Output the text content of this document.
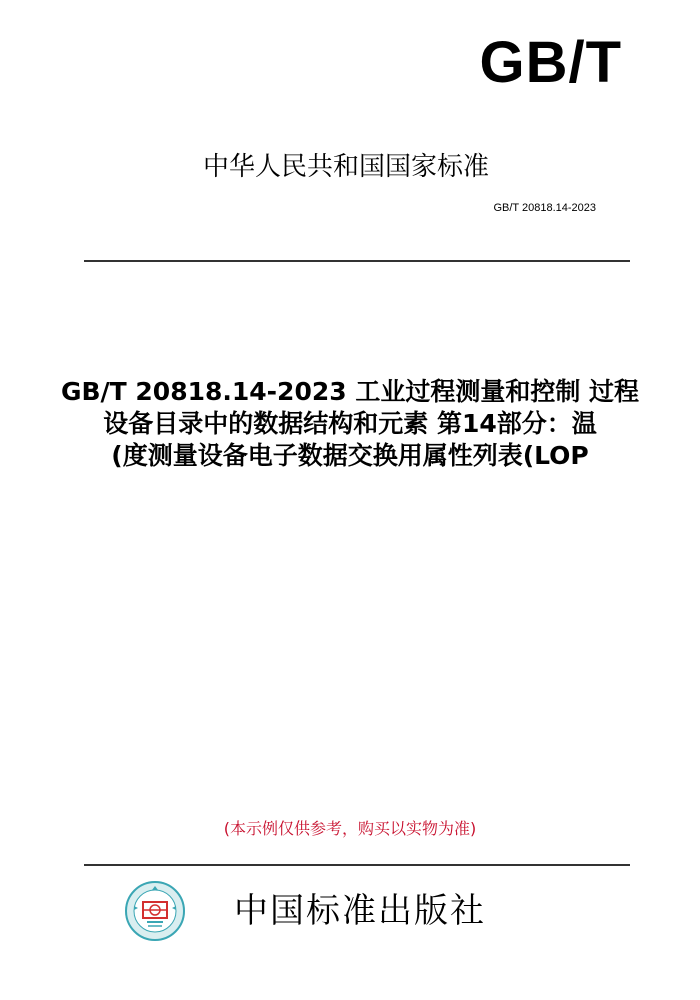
GB/T
中华人民共和国国家标准
GB/T 20818.14-2023
GB/T 20818.14-2023 工业过程测量和控制 过程
设备目录中的数据结构和元素 第14部分：温
(度测量设备电子数据交换用属性列表(LOP
(本示例仅供参考，购买以实物为准)
中国标准出版社
